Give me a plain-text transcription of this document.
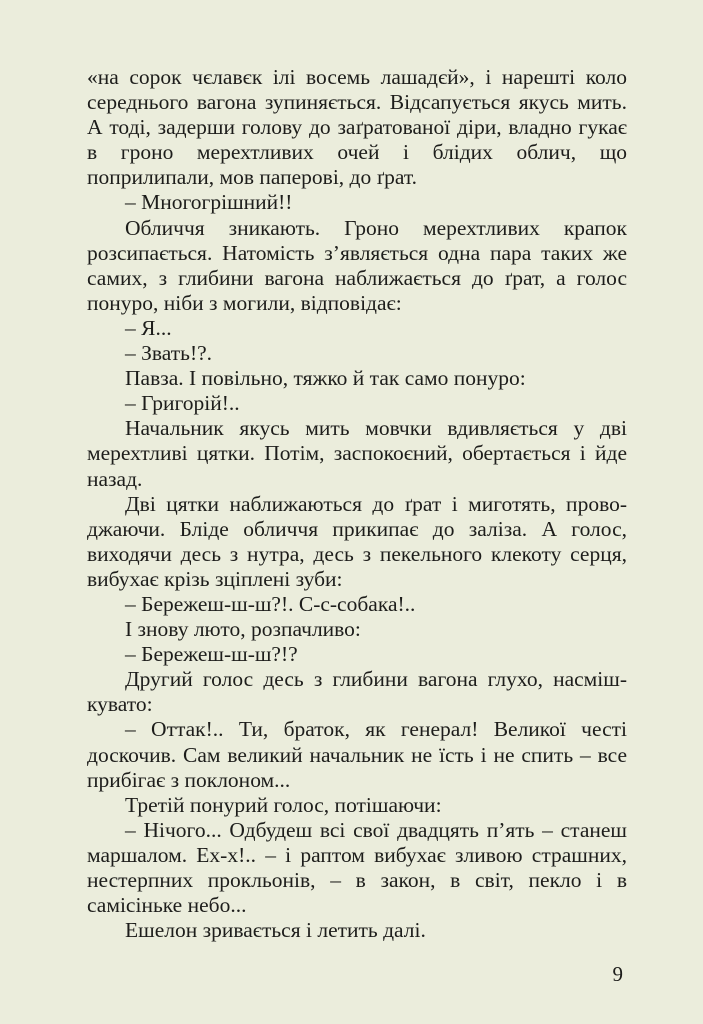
«на сорок чєлавєк ілі восемь лашадєй», і нарешті коло середнього вагона зупиняється. Відсапується якусь мить. А тоді, задерши голову до заґратованої діри, владно гукає в гроно мерехтливих очей і блідих облич, що поприлипали, мов паперові, до ґрат.

– Многогрішний!!

Обличчя зникають. Гроно мерехтливих крапок розсипається. Натомість з’являється одна пара таких же самих, з глибини вагона наближається до ґрат, а голос понуро, ніби з могили, відповідає:

– Я...

– Звать!?.

Павза. І повільно, тяжко й так само понуро:

– Григорій!..

Начальник якусь мить мовчки вдивляється у дві мерехтливі цятки. Потім, заспокоєний, обертається і йде назад.

Дві цятки наближаються до ґрат і миготять, проводжаючи. Бліде обличчя прикипає до заліза. А голос, виходячи десь з нутра, десь з пекельного клекоту серця, вибухає крізь зціплені зуби:

– Бережеш-ш-ш?!. С-с-собака!..

І знову люто, розпачливо:

– Бережеш-ш-ш?!?

Другий голос десь з глибини вагона глухо, насмішкувато:

– Оттак!.. Ти, браток, як генерал! Великої честі доскочив. Сам великий начальник не їсть і не спить – все прибігає з поклоном...

Третій понурий голос, потішаючи:

– Нічого... Одбудеш всі свої двадцять п’ять – станеш маршалом. Ех-х!.. – і раптом вибухає зливою страшних, нестерпних прокльонів, – в закон, в світ, пекло і в самісіньке небо...

Ешелон зривається і летить далі.

9
